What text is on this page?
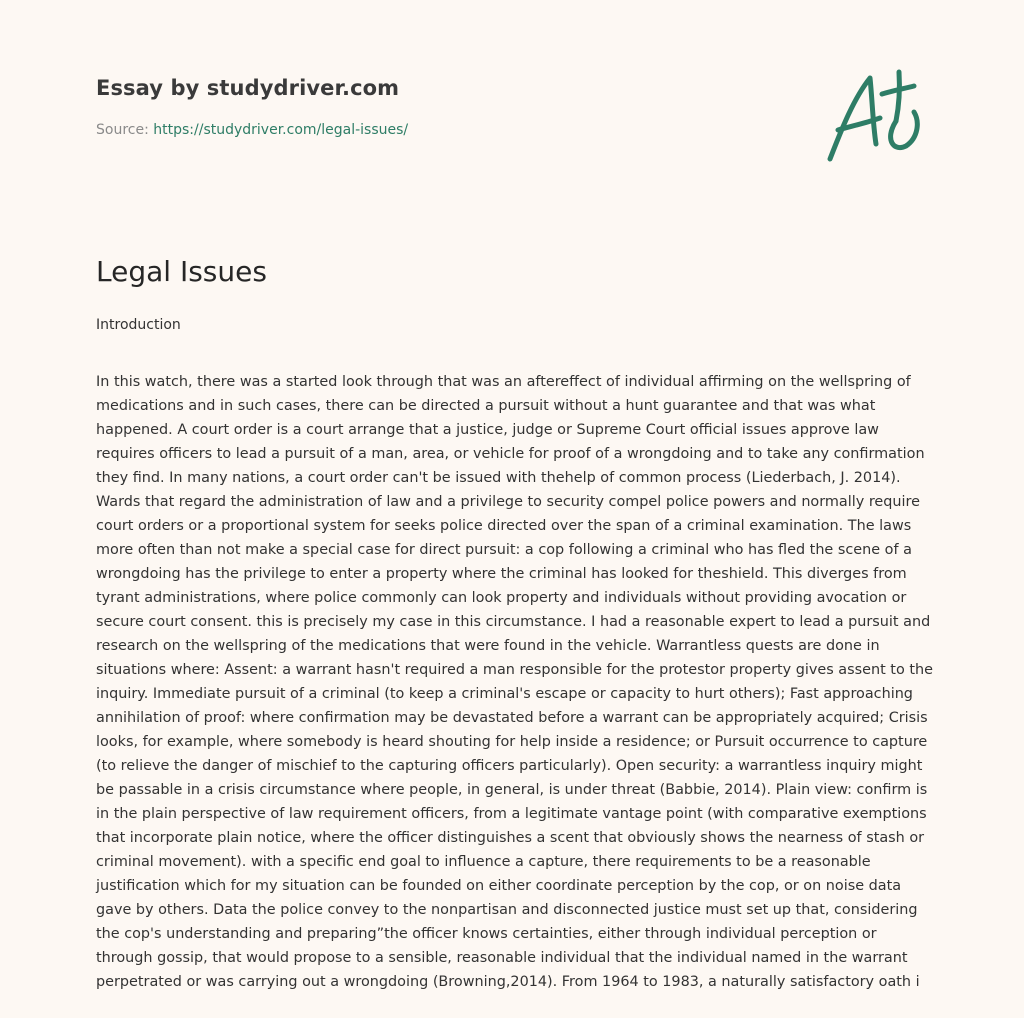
Essay by studydriver.com
Source: https://studydriver.com/legal-issues/
Legal Issues
Introduction

In this watch, there was a started look through that was an aftereffect of individual affirming on the wellspring of medications and in such cases, there can be directed a pursuit without a hunt guarantee and that was what happened. A court order is a court arrange that a justice, judge or Supreme Court official issues approve law requires officers to lead a pursuit of a man, area, or vehicle for proof of a wrongdoing and to take any confirmation they find. In many nations, a court order can't be issued with thehelp of common process (Liederbach, J. 2014). Wards that regard the administration of law and a privilege to security compel police powers and normally require court orders or a proportional system for seeks police directed over the span of a criminal examination. The laws more often than not make a special case for direct pursuit: a cop following a criminal who has fled the scene of a wrongdoing has the privilege to enter a property where the criminal has looked for theshield. This diverges from tyrant administrations, where police commonly can look property and individuals without providing avocation or secure court consent. this is precisely my case in this circumstance. I had a reasonable expert to lead a pursuit and research on the wellspring of the medications that were found in the vehicle. Warrantless quests are done in situations where: Assent: a warrant hasn't required a man responsible for the protestor property gives assent to the inquiry. Immediate pursuit of a criminal (to keep a criminal's escape or capacity to hurt others); Fast approaching annihilation of proof: where confirmation may be devastated before a warrant can be appropriately acquired; Crisis looks, for example, where somebody is heard shouting for help inside a residence; or Pursuit occurrence to capture (to relieve the danger of mischief to the capturing officers particularly). Open security: a warrantless inquiry might be passable in a crisis circumstance where people, in general, is under threat (Babbie, 2014). Plain view: confirm is in the plain perspective of law requirement officers, from a legitimate vantage point (with comparative exemptions that incorporate plain notice, where the officer distinguishes a scent that obviously shows the nearness of stash or criminal movement). with a specific end goal to influence a capture, there requirements to be a reasonable justification which for my situation can be founded on either coordinate perception by the cop, or on noise data gave by others. Data the police convey to the nonpartisan and disconnected justice must set up that, considering the cop's understanding and preparing”the officer knows certainties, either through individual perception or through gossip, that would propose to a sensible, reasonable individual that the individual named in the warrant perpetrated or was carrying out a wrongdoing (Browning,2014). From 1964 to 1983, a naturally satisfactory oath i
